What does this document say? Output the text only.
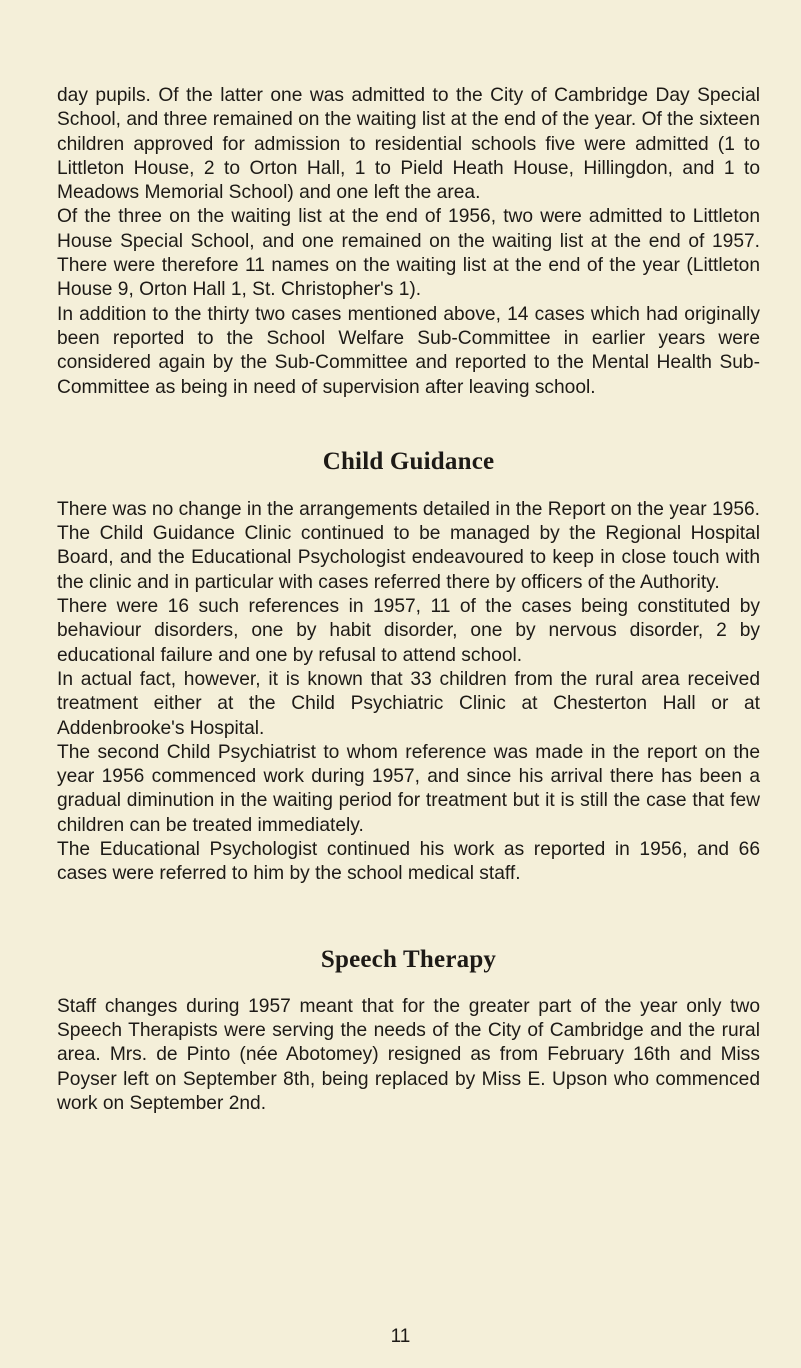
day pupils. Of the latter one was admitted to the City of Cambridge Day Special School, and three remained on the waiting list at the end of the year. Of the sixteen children approved for admission to residential schools five were admitted (1 to Littleton House, 2 to Orton Hall, 1 to Pield Heath House, Hillingdon, and 1 to Meadows Memorial School) and one left the area.

Of the three on the waiting list at the end of 1956, two were admitted to Littleton House Special School, and one remained on the waiting list at the end of 1957. There were therefore 11 names on the waiting list at the end of the year (Littleton House 9, Orton Hall 1, St. Christopher's 1).

In addition to the thirty two cases mentioned above, 14 cases which had originally been reported to the School Welfare Sub-Committee in earlier years were considered again by the Sub-Committee and reported to the Mental Health Sub-Committee as being in need of supervision after leaving school.

Child Guidance

There was no change in the arrangements detailed in the Report on the year 1956. The Child Guidance Clinic continued to be managed by the Regional Hospital Board, and the Educational Psychologist endeavoured to keep in close touch with the clinic and in particular with cases referred there by officers of the Authority.

There were 16 such references in 1957, 11 of the cases being constituted by behaviour disorders, one by habit disorder, one by nervous disorder, 2 by educational failure and one by refusal to attend school.

In actual fact, however, it is known that 33 children from the rural area received treatment either at the Child Psychiatric Clinic at Chesterton Hall or at Addenbrooke's Hospital.

The second Child Psychiatrist to whom reference was made in the report on the year 1956 commenced work during 1957, and since his arrival there has been a gradual diminution in the waiting period for treatment but it is still the case that few children can be treated immediately.

The Educational Psychologist continued his work as reported in 1956, and 66 cases were referred to him by the school medical staff.

Speech Therapy

Staff changes during 1957 meant that for the greater part of the year only two Speech Therapists were serving the needs of the City of Cambridge and the rural area. Mrs. de Pinto (née Abotomey) resigned as from February 16th and Miss Poyser left on September 8th, being replaced by Miss E. Upson who commenced work on September 2nd.

11
